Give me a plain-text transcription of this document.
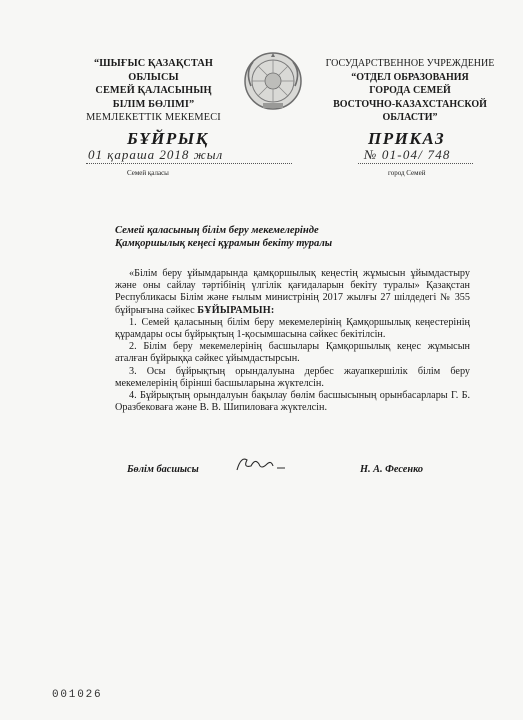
“ШЫҒЫС ҚАЗАҚСТАН
ОБЛЫСЫ
СЕМЕЙ ҚАЛАСЫНЫҢ
БІЛІМ БӨЛІМІ”
МЕМЛЕКЕТТІК МЕКЕМЕСІ
ГОСУДАРСТВЕННОЕ УЧРЕЖДЕНИЕ
“ОТДЕЛ ОБРАЗОВАНИЯ
ГОРОДА СЕМЕЙ
ВОСТОЧНО-КАЗАХСТАНСКОЙ
ОБЛАСТИ”
БҰЙРЫҚ	ПРИКАЗ
01 қараша 2018 жыл	№ 01-04/ 748
Семей қаласы	город Семей
Семей қаласының білім беру мекемелерінде
Қамқоршылық кеңесі құрамын бекіту туралы

«Білім беру ұйымдарында қамқоршылық кеңестің жұмысын ұйымдастыру және оны сайлау тәртібінің үлгілік қағидаларын бекіту туралы» Қазақстан Республикасы Білім және ғылым министрінің 2017 жылғы 27 шілдедегі № 355 бұйрығына сәйкес БҰЙЫРАМЫН:

1. Семей қаласының білім беру мекемелерінің Қамқоршылық кеңестерінің құрамдары осы бұйрықтың 1-қосымшасына сәйкес бекітілсін.

2. Білім беру мекемелерінің басшылары Қамқоршылық кеңес жұмысын аталған бұйрыққа сәйкес ұйымдастырсын.

3. Осы бұйрықтың орындалуына дербес жауапкершілік білім беру мекемелерінің бірінші басшыларына жүктелсін.

4. Бұйрықтың орындалуын бақылау бөлім басшысының орынбасарлары Г. Б. Оразбековаға және В. В. Шипиловаға жүктелсін.

Бөлім басшысы	Н. А. Фесенко
001026
